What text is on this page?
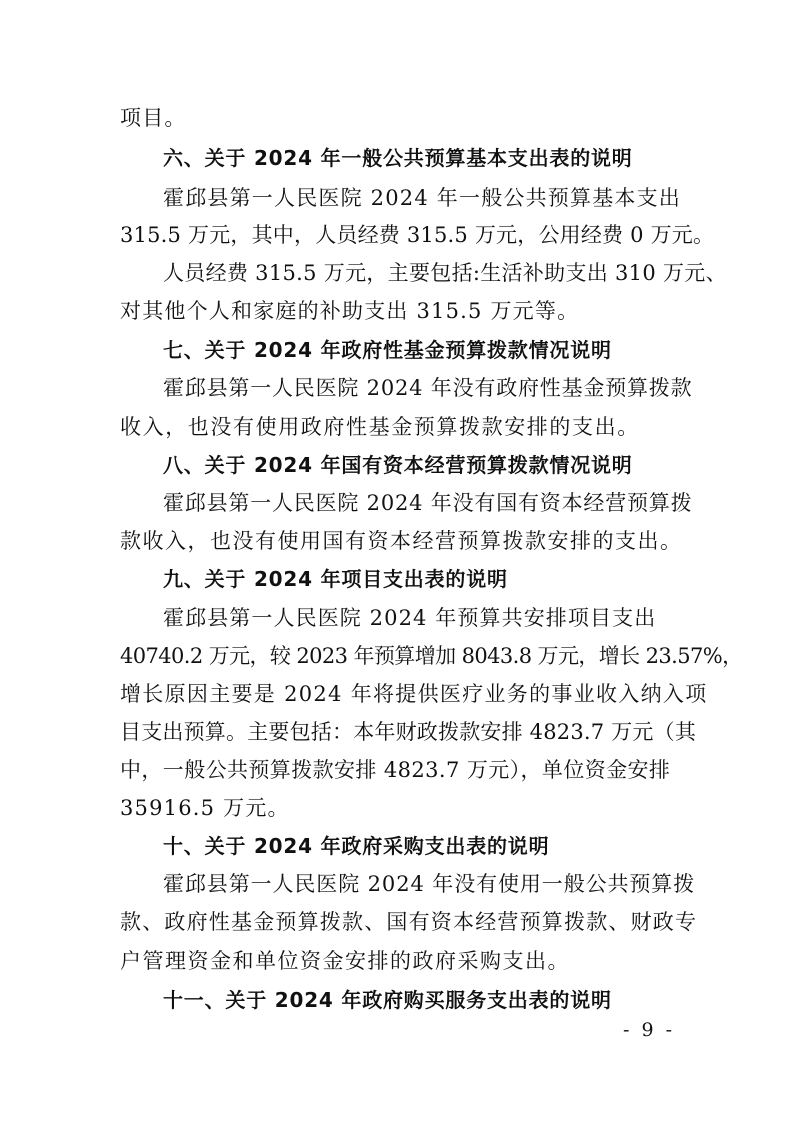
项目。
六、关于 2024 年一般公共预算基本支出表的说明
霍邱县第一人民医院 2024 年一般公共预算基本支出
315.5 万元，其中，人员经费 315.5 万元，公用经费 0 万元。
人员经费 315.5 万元，主要包括:生活补助支出 310 万元、
对其他个人和家庭的补助支出 315.5 万元等。
七、关于 2024 年政府性基金预算拨款情况说明
霍邱县第一人民医院 2024 年没有政府性基金预算拨款
收入，也没有使用政府性基金预算拨款安排的支出。
八、关于 2024 年国有资本经营预算拨款情况说明
霍邱县第一人民医院 2024 年没有国有资本经营预算拨
款收入，也没有使用国有资本经营预算拨款安排的支出。
九、关于 2024 年项目支出表的说明
霍邱县第一人民医院 2024 年预算共安排项目支出
40740.2 万元，较 2023 年预算增加 8043.8 万元，增长 23.57%，
增长原因主要是 2024 年将提供医疗业务的事业收入纳入项
目支出预算。主要包括：本年财政拨款安排 4823.7 万元（其
中，一般公共预算拨款安排 4823.7 万元），单位资金安排
35916.5 万元。
十、关于 2024 年政府采购支出表的说明
霍邱县第一人民医院 2024 年没有使用一般公共预算拨
款、政府性基金预算拨款、国有资本经营预算拨款、财政专
户管理资金和单位资金安排的政府采购支出。
十一、关于 2024 年政府购买服务支出表的说明
- 9 -
